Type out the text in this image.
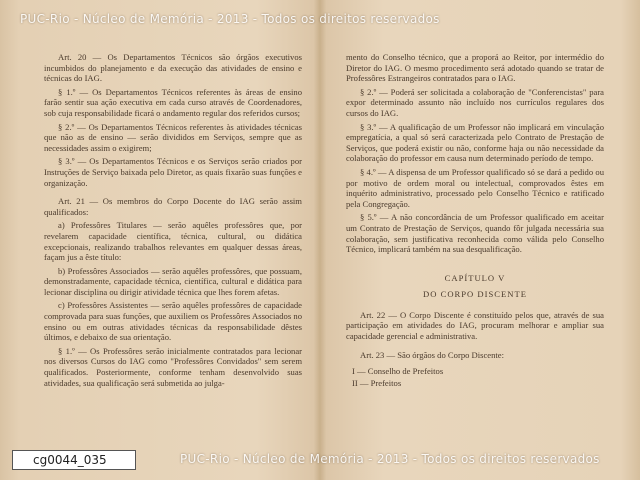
PUC-Rio - Núcleo de Memória - 2013 - Todos os direitos reservados

Art. 20 — Os Departamentos Técnicos são órgãos executivos incumbidos do planejamento e da execução das atividades de ensino e técnicas do IAG.

§ 1.º — Os Departamentos Técnicos referentes às áreas de ensino farão sentir sua ação executiva em cada curso através de Coordenadores, sob cuja responsabilidade ficará o andamento regular dos referidos cursos;

§ 2.º — Os Departamentos Técnicos referentes às atividades técnicas que não as de ensino — serão divididos em Serviços, sempre que as necessidades assim o exigirem;

§ 3.º — Os Departamentos Técnicos e os Serviços serão criados por Instruções de Serviço baixada pelo Diretor, as quais fixarão suas funções e organização.

Art. 21 — Os membros do Corpo Docente do IAG serão assim qualificados:

a) Professôres Titulares — serão aquêles professôres que, por revelarem capacidade científica, técnica, cultural, ou didática excepcionais, realizando trabalhos relevantes em qualquer dessas áreas, façam jus a êste título:

b) Professôres Associados — serão aquêles professôres, que possuam, demonstradamente, capacidade técnica, científica, cultural e didática para lecionar disciplina ou dirigir atividade técnica que lhes forem afetas.

c) Professôres Assistentes — serão aquêles professôres de capacidade comprovada para suas funções, que auxiliem os Professôres Associados no ensino ou em outras atividades técnicas da responsabilidade dêstes últimos, e debaixo de sua orientação.

§ 1.º — Os Professôres serão inicialmente contratados para lecionar nos diversos Cursos do IAG como "Professôres Convidados" sem serem qualificados. Posteriormente, conforme tenham desenvolvido suas atividades, sua qualificação será submetida ao julga-

mento do Conselho técnico, que a proporá ao Reitor, por intermédio do Diretor do IAG. O mesmo procedimento será adotado quando se tratar de Professôres Estrangeiros contratados para o IAG.

§ 2.º — Poderá ser solicitada a colaboração de "Conferencistas" para expor determinado assunto não incluído nos currículos regulares dos cursos do IAG.

§ 3.º — A qualificação de um Professor não implicará em vinculação empregatícia, a qual só será caracterizada pelo Contrato de Prestação de Serviços, que poderá existir ou não, conforme haja ou não necessidade da colaboração do professor em causa num determinado período de tempo.

§ 4.º — A dispensa de um Professor qualificado só se dará a pedido ou por motivo de ordem moral ou intelectual, comprovados êstes em inquérito administrativo, processado pelo Conselho Técnico e ratificado pela Congregação.

§ 5.º — A não concordância de um Professor qualificado em aceitar um Contrato de Prestação de Serviços, quando fôr julgada necessária sua colaboração, sem justificativa reconhecida como válida pelo Conselho Técnico, implicará também na sua desqualificação.

CAPÍTULO V
DO CORPO DISCENTE

Art. 22 — O Corpo Discente é constituído pelos que, através de sua participação em atividades do IAG, procuram melhorar e ampliar sua capacidade gerencial e administrativa.

Art. 23 — São órgãos do Corpo Discente:

I — Conselho de Prefeitos
II — Prefeitos
PUC-Rio - Núcleo de Memória - 2013 - Todos os direitos reservados
cg0044_035
